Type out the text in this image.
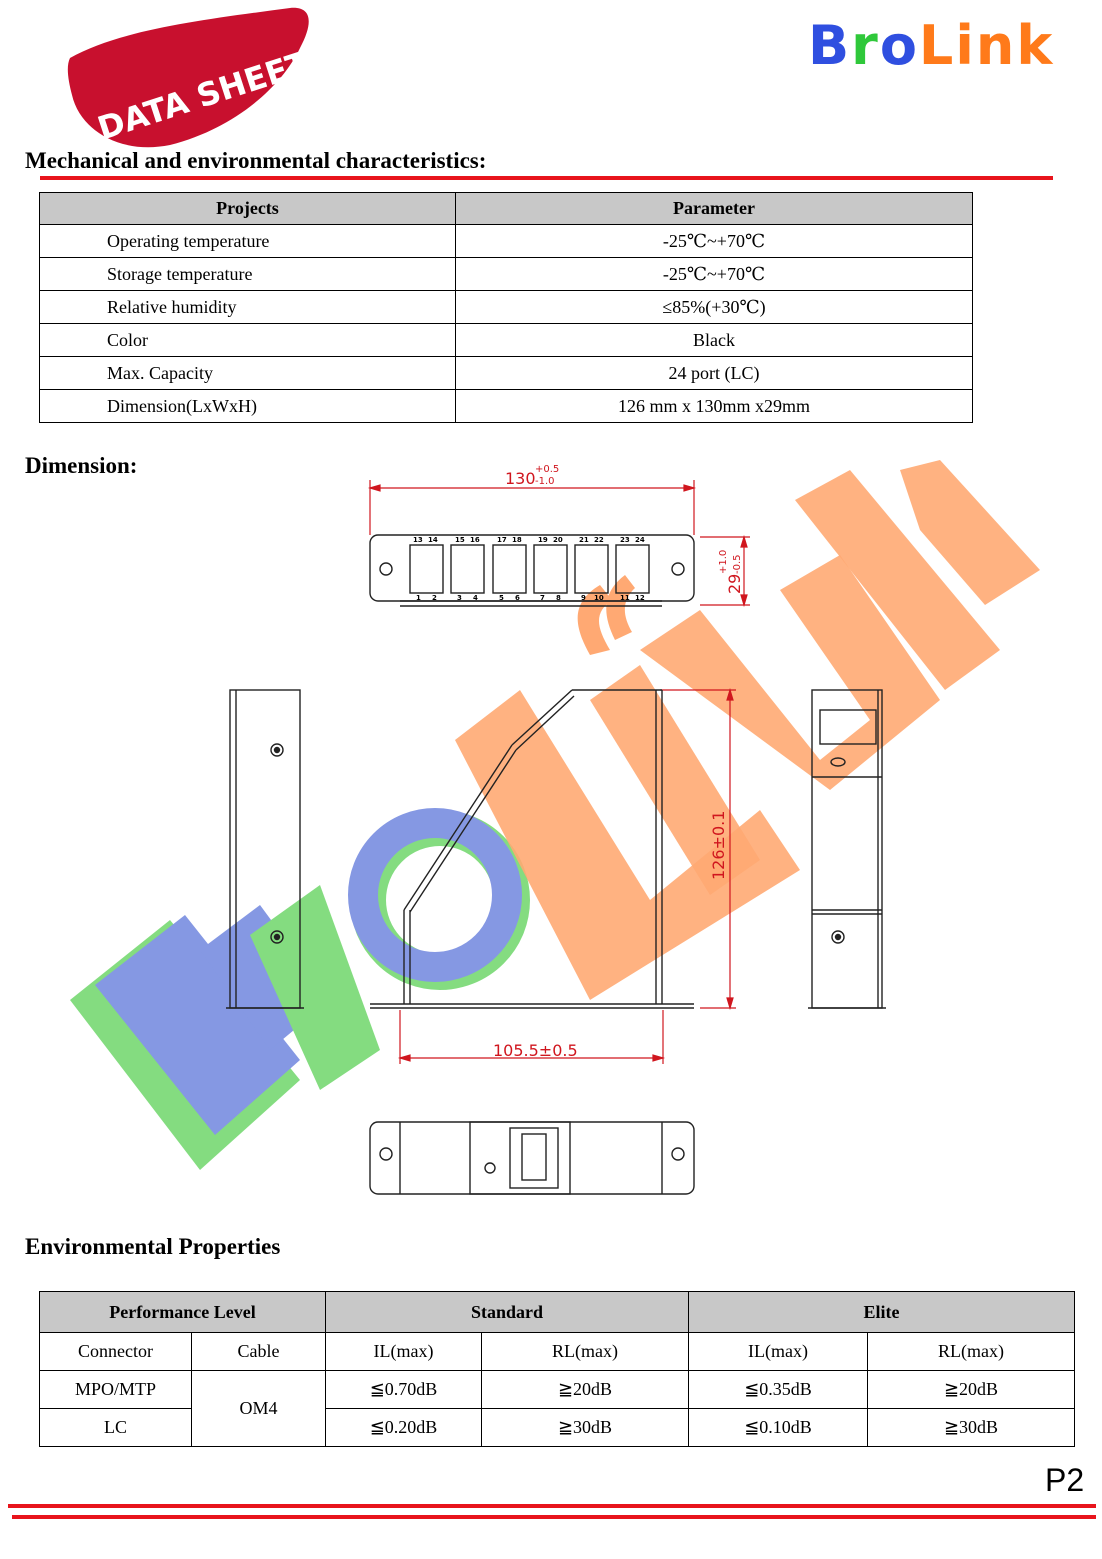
DATA SHEET	BroLink
Mechanical and environmental characteristics:
Projects	Parameter
Operating temperature	-25℃~+70℃
Storage temperature	-25℃~+70℃
Relative humidity	≤85%(+30℃)
Color	Black
Max. Capacity	24 port (LC)
Dimension(LxWxH)	126 mm x 130mm x29mm
Dimension:
13 14 15 16 17 18 19 20 21 22 23 24
1 2	3 4	5 6	7 8	9 10 11 12
130 +0.5
-1.0
29
+1.0 -0.5
126±0.1
105.5±0.5
Environmental Properties
Performance Level		Standard		Elite	
Connector	Cable	IL(max)	RL(max)	IL(max)	RL(max)
MPO/MTP	OM4	≦0.70dB	≧20dB	≦0.35dB	≧20dB
LC		≦0.20dB	≧30dB	≦0.10dB	≧30dB
P2
